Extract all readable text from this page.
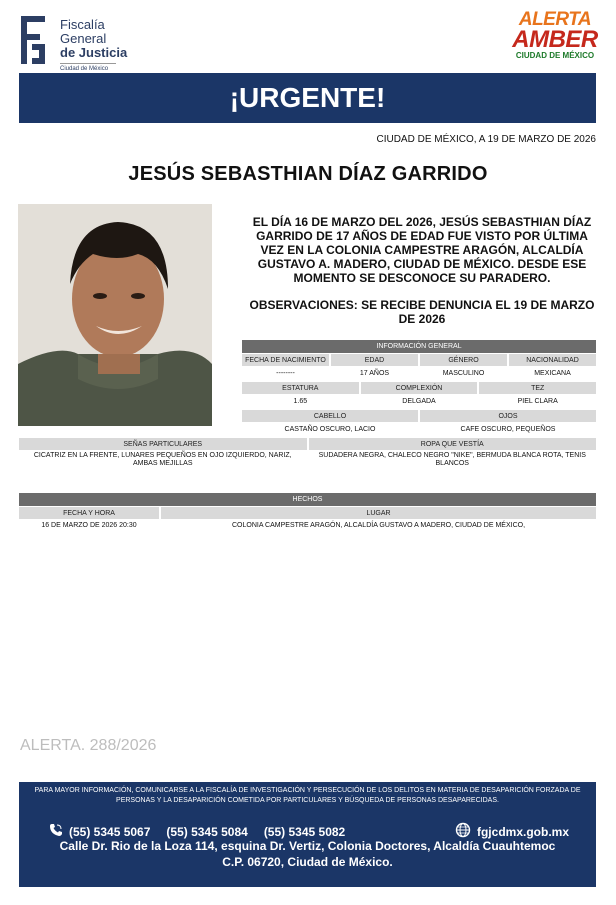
Fiscalía
General
de Justicia
Ciudad de México
ALERTA
AMBER
CIUDAD DE MÉXICO
¡URGENTE!
CIUDAD DE MÉXICO, A 19 DE MARZO DE 2026
JESÚS SEBASTHIAN DÍAZ GARRIDO
EL DÍA 16 DE MARZO DEL 2026, JESÚS SEBASTHIAN DÍAZ GARRIDO DE 17 AÑOS DE EDAD FUE VISTO POR ÚLTIMA VEZ EN LA COLONIA CAMPESTRE ARAGÓN, ALCALDÍA GUSTAVO A. MADERO, CIUDAD DE MÉXICO. DESDE ESE MOMENTO SE DESCONOCE SU PARADERO.
OBSERVACIONES: SE RECIBE DENUNCIA EL 19 DE MARZO DE 2026
INFORMACIÓN GENERAL
FECHA DE NACIMIENTO	EDAD	GÉNERO	NACIONALIDAD
--------	17 AÑOS	MASCULINO	MEXICANA
ESTATURA	COMPLEXIÓN	TEZ
1.65	DELGADA	PIEL CLARA
CABELLO	OJOS
CASTAÑO OSCURO, LACIO	CAFE OSCURO, PEQUEÑOS
SEÑAS PARTICULARES	ROPA QUE VESTÍA
CICATRIZ EN LA FRENTE, LUNARES PEQUEÑOS EN OJO IZQUIERDO, NARIZ, AMBAS MEJILLAS
SUDADERA NEGRA, CHALECO NEGRO "NIKE", BERMUDA BLANCA ROTA, TENIS BLANCOS
HECHOS
FECHA Y HORA	LUGAR
16 DE MARZO DE 2026 20:30	COLONIA CAMPESTRE ARAGÓN, ALCALDÍA GUSTAVO A MADERO, CIUDAD DE MÉXICO,
ALERTA. 288/2026
PARA MAYOR INFORMACIÓN, COMUNICARSE A LA FISCALÍA DE INVESTIGACIÓN Y PERSECUCIÓN DE LOS DELITOS EN MATERIA DE DESAPARICIÓN FORZADA DE PERSONAS Y LA DESAPARICIÓN COMETIDA POR PARTICULARES Y BÚSQUEDA DE PERSONAS DESAPARECIDAS.
(55) 5345 5067 (55) 5345 5084 (55) 5345 5082	fgjcdmx.gob.mx
Calle Dr. Rio de la Loza 114, esquina Dr. Vertiz, Colonia Doctores, Alcaldía Cuauhtemoc
C.P. 06720, Ciudad de México.
